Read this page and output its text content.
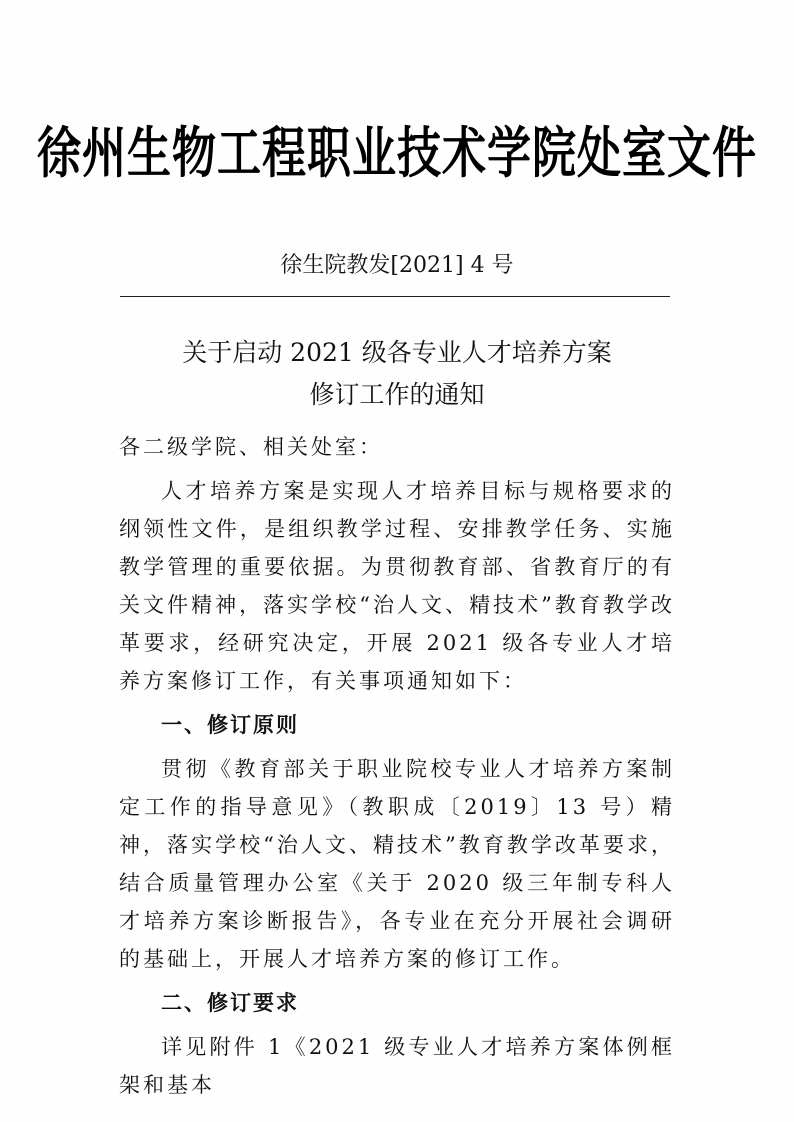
徐州生物工程职业技术学院处室文件
徐生院教发[2021] 4 号
关于启动 2021 级各专业人才培养方案
修订工作的通知
各二级学院、相关处室：
人才培养方案是实现人才培养目标与规格要求的纲领性文件，是组织教学过程、安排教学任务、实施教学管理的重要依据。为贯彻教育部、省教育厅的有关文件精神，落实学校“治人文、精技术”教育教学改革要求，经研究决定，开展 2021 级各专业人才培养方案修订工作，有关事项通知如下：
一、修订原则
贯彻《教育部关于职业院校专业人才培养方案制定工作的指导意见》（教职成〔2019〕13 号）精神，落实学校“治人文、精技术”教育教学改革要求，结合质量管理办公室《关于 2020 级三年制专科人才培养方案诊断报告》，各专业在充分开展社会调研的基础上，开展人才培养方案的修订工作。
二、修订要求
详见附件 1《2021 级专业人才培养方案体例框架和基本
